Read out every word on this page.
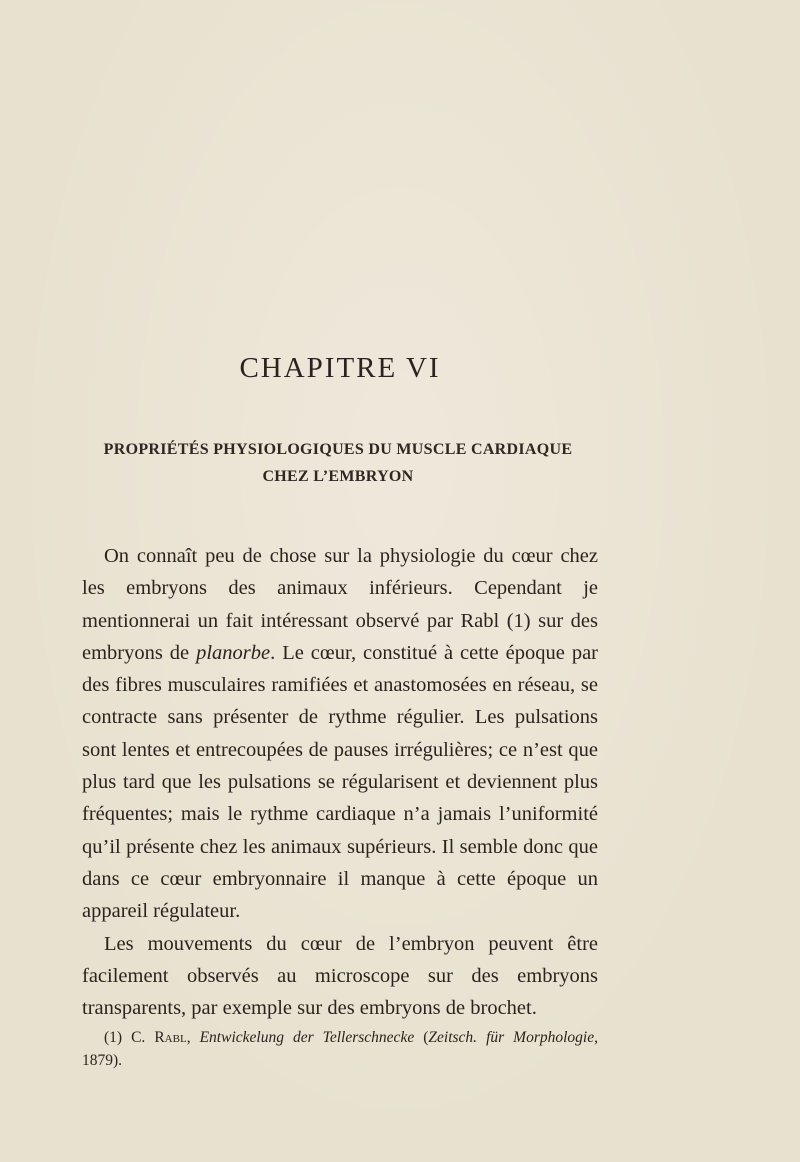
CHAPITRE VI
PROPRIÉTÉS PHYSIOLOGIQUES DU MUSCLE CARDIAQUE
CHEZ L’EMBRYON

On connaît peu de chose sur la physiologie du cœur chez les embryons des animaux inférieurs. Cependant je mentionnerai un fait intéressant observé par Rabl (1) sur des embryons de planorbe. Le cœur, constitué à cette époque par des fibres musculaires ramifiées et anastomosées en réseau, se contracte sans présenter de rythme régulier. Les pulsations sont lentes et entrecoupées de pauses irrégulières; ce n’est que plus tard que les pulsations se régularisent et deviennent plus fréquentes; mais le rythme cardiaque n’a jamais l’uniformité qu’il présente chez les animaux supérieurs. Il semble donc que dans ce cœur embryonnaire il manque à cette époque un appareil régulateur.

Les mouvements du cœur de l’embryon peuvent être facilement observés au microscope sur des embryons transparents, par exemple sur des embryons de brochet.

(1) C. Rabl, Entwickelung der Tellerschnecke (Zeitsch. für Morphologie, 1879).
